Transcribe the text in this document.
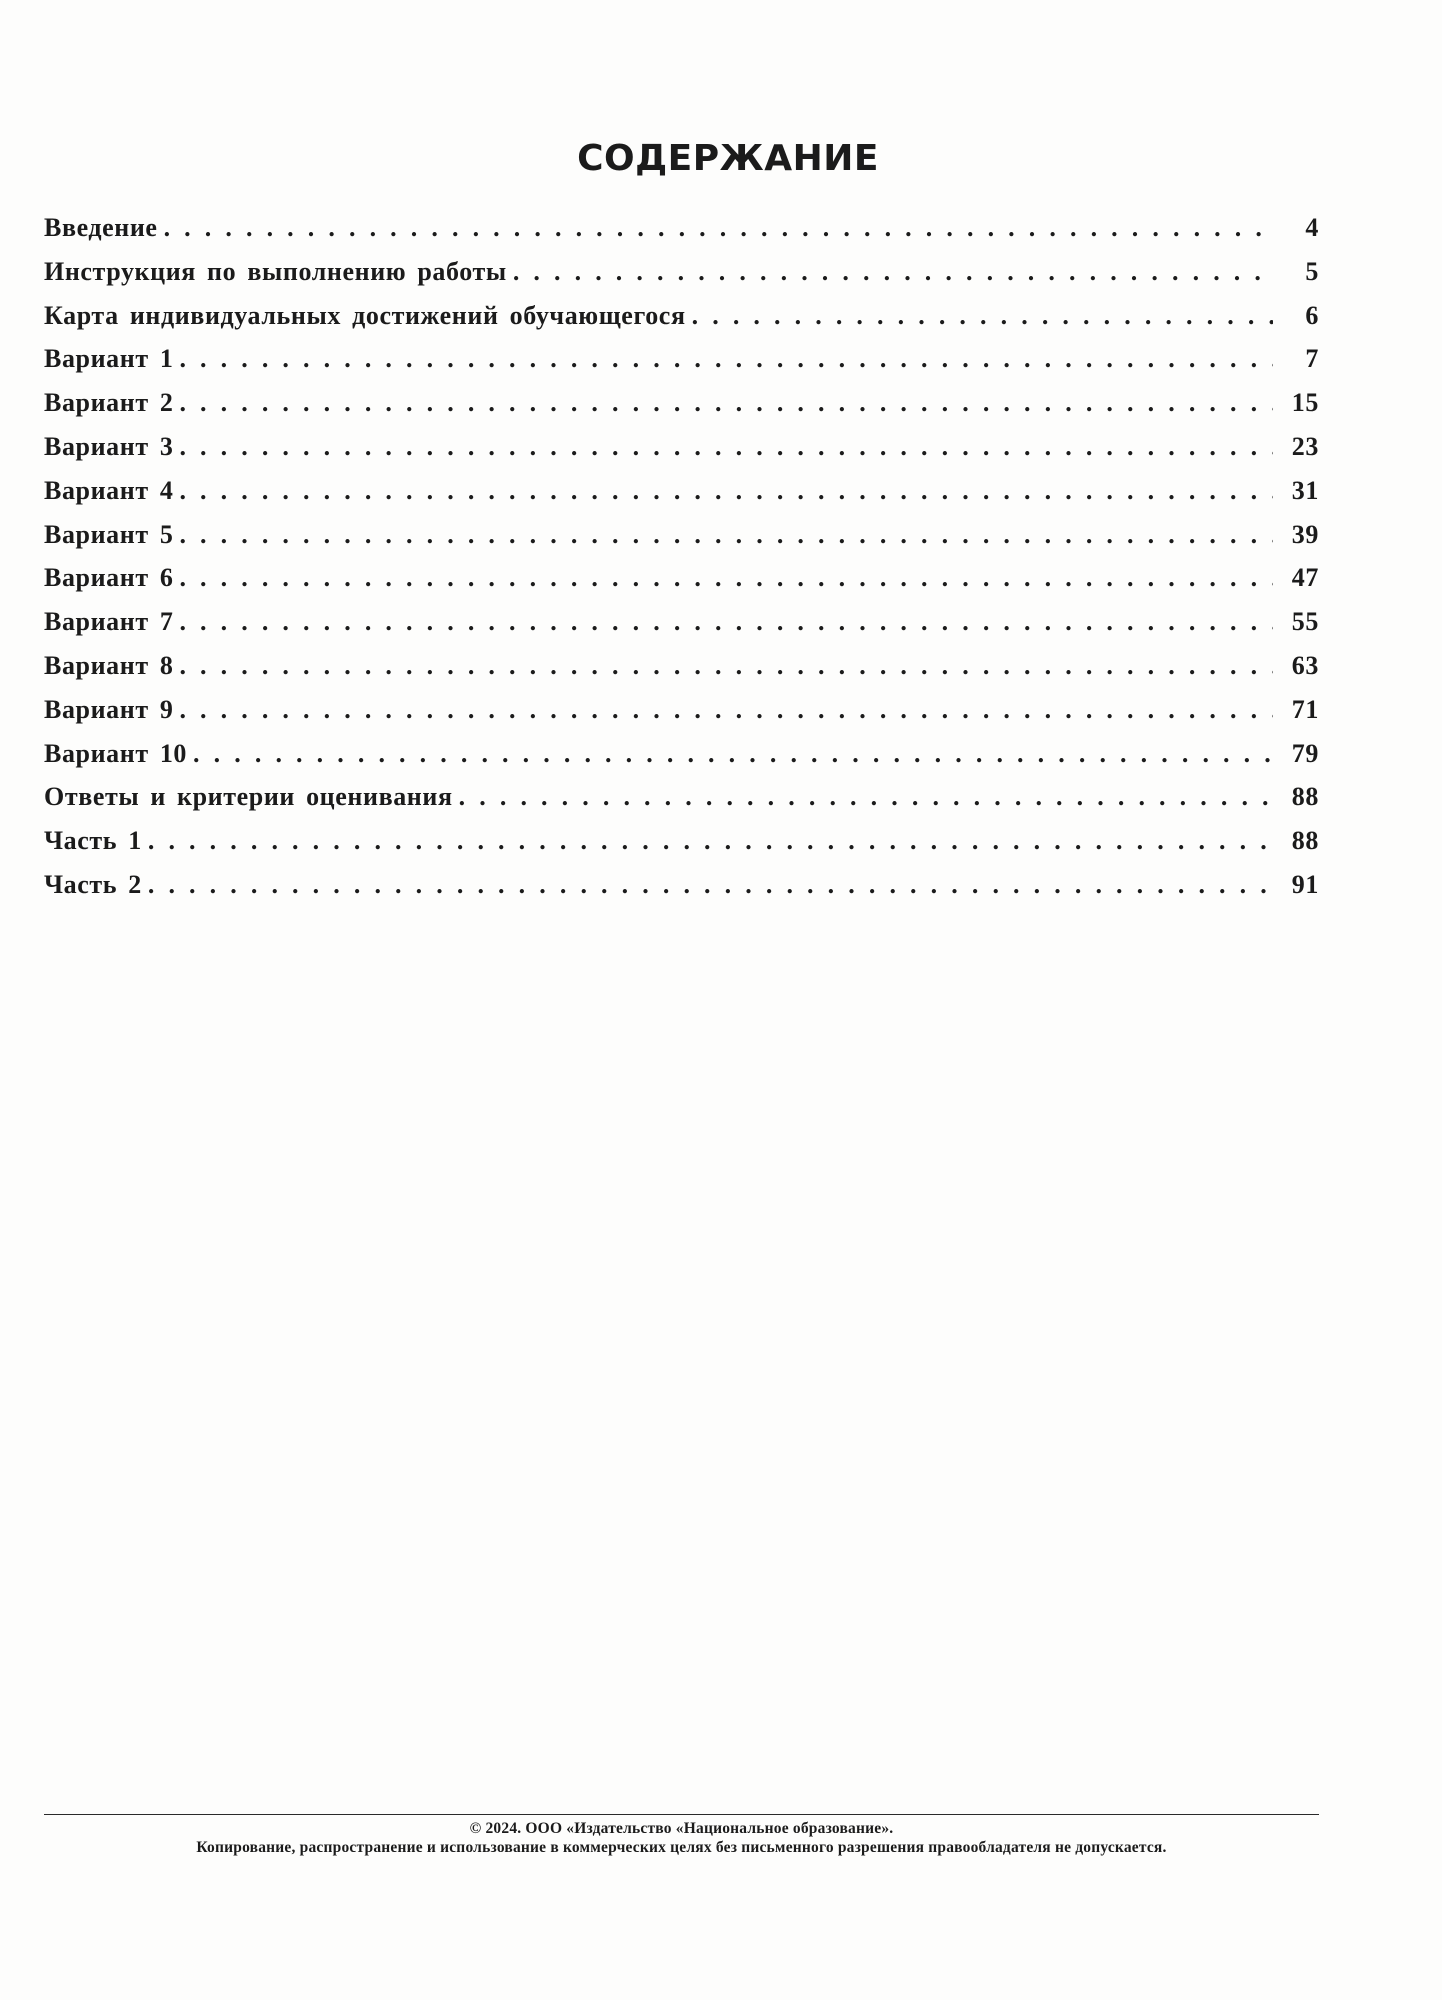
СОДЕРЖАНИЕ
Введение . . .	4
Инструкция по выполнению работы . . .	5
Карта индивидуальных достижений обучающегося . . .	6
Вариант 1 . . .	7
Вариант 2 . . .	15
Вариант 3 . . .	23
Вариант 4 . . .	31
Вариант 5 . . .	39
Вариант 6 . . .	47
Вариант 7 . . .	55
Вариант 8 . . .	63
Вариант 9 . . .	71
Вариант 10 . . .	79
Ответы и критерии оценивания . . .	88
Часть 1 . . .	88
Часть 2 . . .	91

© 2024. ООО «Издательство «Национальное образование».

Копирование, распространение и использование в коммерческих целях без письменного разрешения правообладателя не допускается.
